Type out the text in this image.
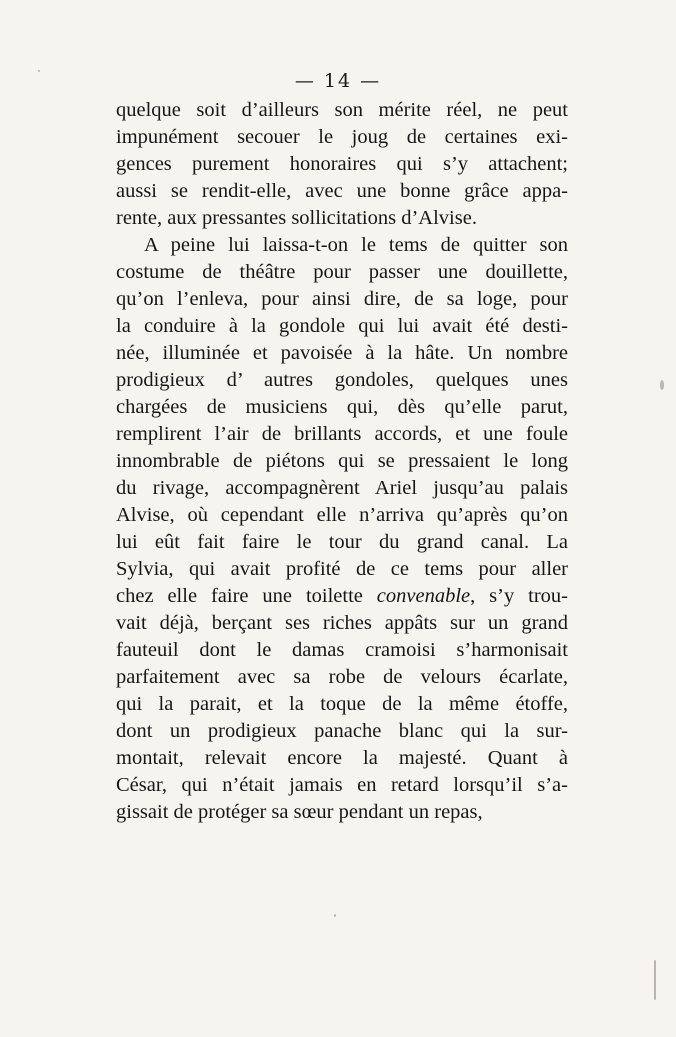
— 14 —
quelque soit d’ailleurs son mérite réel, ne peut
impunément secouer le joug de certaines exi-
gences purement honoraires qui s’y attachent;
aussi se rendit-elle, avec une bonne grâce appa-
rente, aux pressantes sollicitations d’Alvise.
A peine lui laissa-t-on le tems de quitter son
costume de théâtre pour passer une douillette,
qu’on l’enleva, pour ainsi dire, de sa loge, pour
la conduire à la gondole qui lui avait été desti-
née, illuminée et pavoisée à la hâte. Un nombre
prodigieux d’ autres gondoles, quelques unes
chargées de musiciens qui, dès qu’elle parut,
remplirent l’air de brillants accords, et une foule
innombrable de piétons qui se pressaient le long
du rivage, accompagnèrent Ariel jusqu’au palais
Alvise, où cependant elle n’arriva qu’après qu’on
lui eût fait faire le tour du grand canal. La
Sylvia, qui avait profité de ce tems pour aller
chez elle faire une toilette convenable, s’y trou-
vait déjà, berçant ses riches appâts sur un grand
fauteuil dont le damas cramoisi s’harmonisait
parfaitement avec sa robe de velours écarlate,
qui la parait, et la toque de la même étoffe,
dont un prodigieux panache blanc qui la sur-
montait, relevait encore la majesté. Quant à
César, qui n’était jamais en retard lorsqu’il s’a-
gissait de protéger sa sœur pendant un repas,
